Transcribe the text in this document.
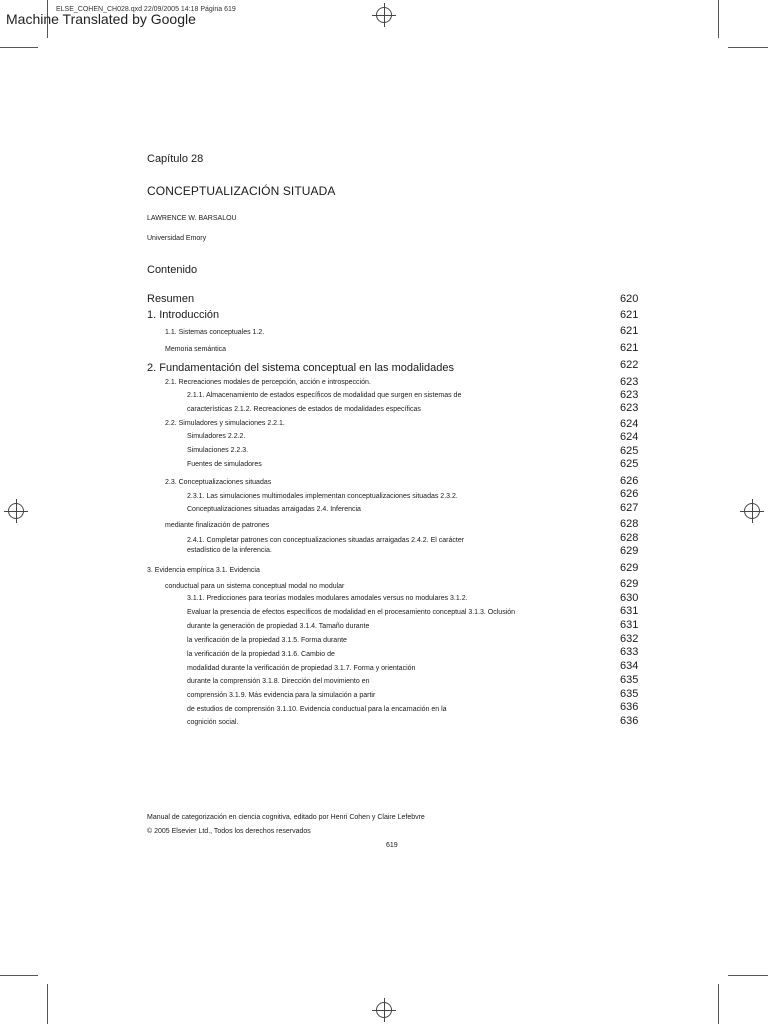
ELSE_COHEN_CH028.qxd 22/09/2005 14:18 Página 619
Machine Translated by Google
Capítulo 28
CONCEPTUALIZACIÓN SITUADA
LAWRENCE W. BARSALOU
Universidad Emory
Contenido
Resumen	620
1. Introducción	621
1.1. Sistemas conceptuales 1.2.	621
Memoria semántica	621
2. Fundamentación del sistema conceptual en las modalidades	622
2.1. Recreaciones modales de percepción, acción e introspección.	623
2.1.1. Almacenamiento de estados específicos de modalidad que surgen en sistemas de	623
características 2.1.2. Recreaciones de estados de modalidades específicas	623
2.2. Simuladores y simulaciones 2.2.1.	624
Simuladores 2.2.2.	624
Simulaciones 2.2.3.	625
Fuentes de simuladores	625
2.3. Conceptualizaciones situadas	626
2.3.1. Las simulaciones multimodales implementan conceptualizaciones situadas 2.3.2.	626
Conceptualizaciones situadas arraigadas 2.4. Inferencia	627
mediante finalización de patrones	628
2.4.1. Completar patrones con conceptualizaciones situadas arraigadas 2.4.2. El carácter	628
estadístico de la inferencia.	629
3. Evidencia empírica 3.1. Evidencia	629
conductual para un sistema conceptual modal no modular	629
3.1.1. Predicciones para teorías modales modulares amodales versus no modulares 3.1.2.	630
Evaluar la presencia de efectos específicos de modalidad en el procesamiento conceptual 3.1.3. Oclusión	631
durante la generación de propiedad 3.1.4. Tamaño durante	631
la verificación de la propiedad 3.1.5. Forma durante	632
la verificación de la propiedad 3.1.6. Cambio de	633
modalidad durante la verificación de propiedad 3.1.7. Forma y orientación	634
durante la comprensión 3.1.8. Dirección del movimiento en	635
comprensión 3.1.9. Más evidencia para la simulación a partir	635
de estudios de comprensión 3.1.10. Evidencia conductual para la encarnación en la	636
cognición social.	636
Manual de categorización en ciencia cognitiva, editado por Henri Cohen y Claire Lefebvre
© 2005 Elsevier Ltd., Todos los derechos reservados
619
